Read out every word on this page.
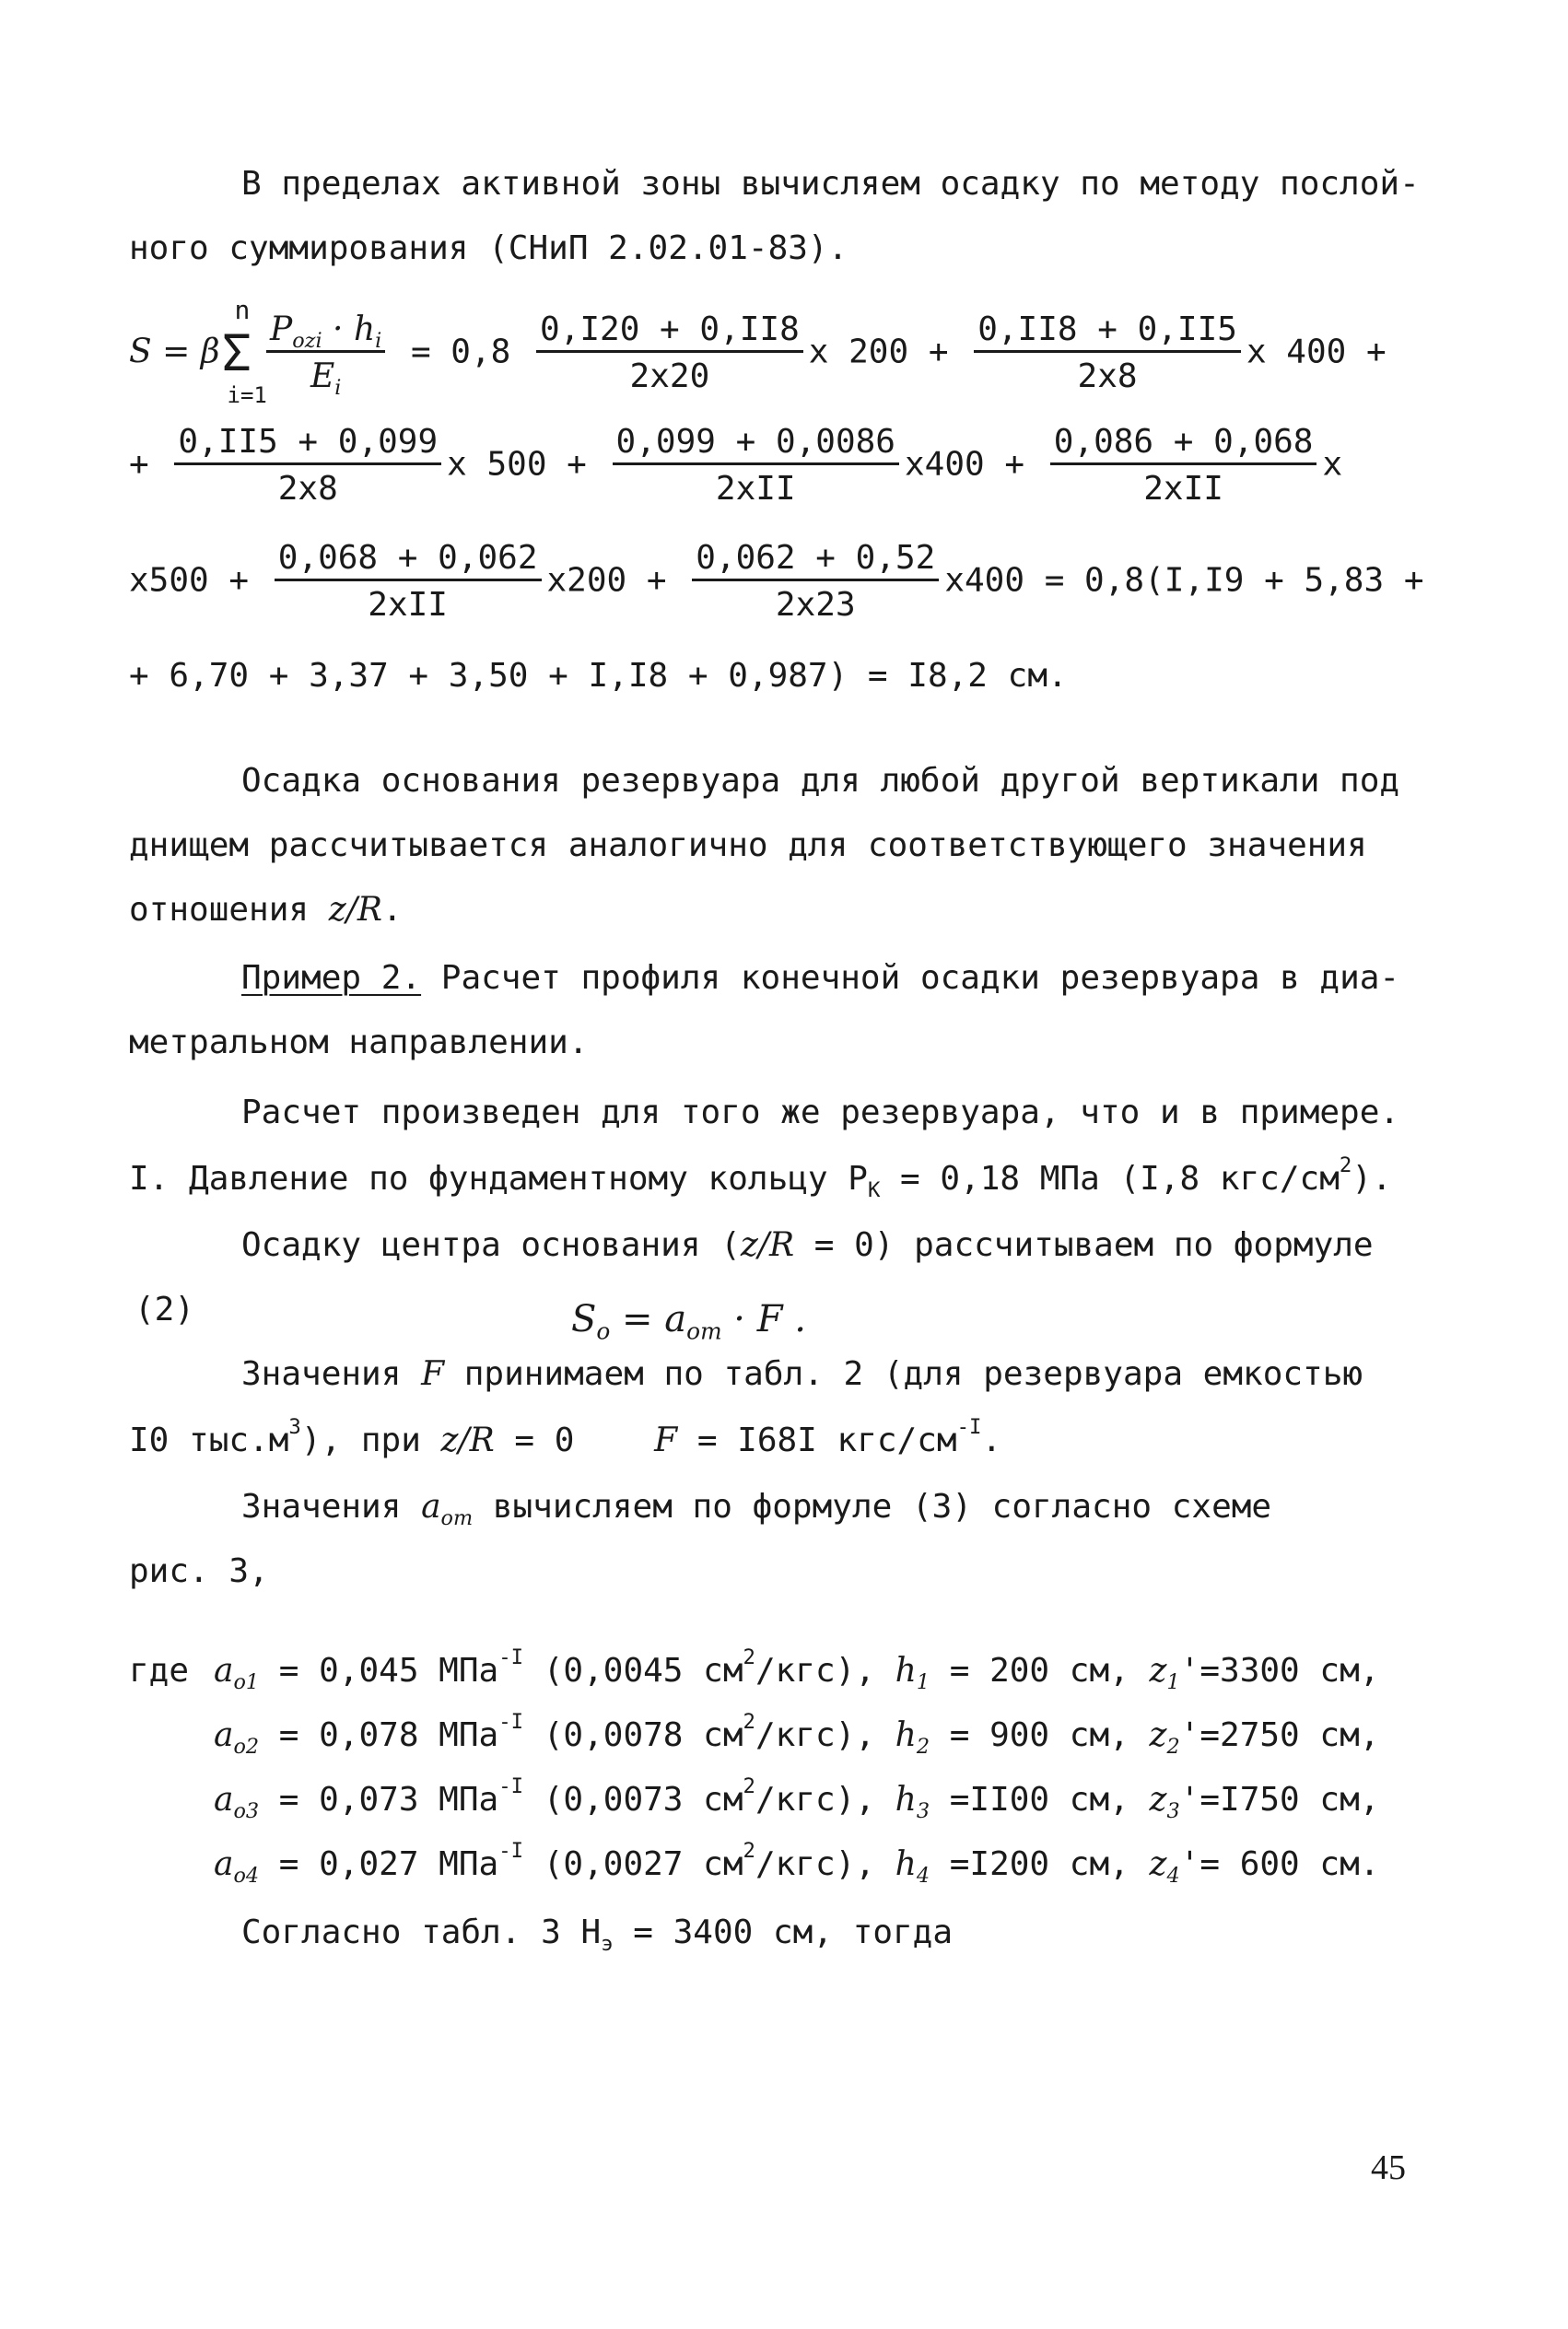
В пределах активной зоны вычисляем осадку по методу послой-
ного суммирования (СНиП 2.02.01-83).
S = βΣ
n
i=1
$\frac{P_{ozi} \cdot h_i}{E_i} = 0,8 \frac{0,I20 + 0,II8}{2x20}$ x $200 + \frac{0,II8 + 0,II5}{2x8}$ x 400 +
+ $\frac{0,II5 + 0,099}{2x8}$ x $500 + \frac{0,099 + 0,0086}{\text{2xII}} x400 + \frac{0,086 + 0,068}{\text{2xII}}$ x
$x500 + \frac{0,068 + 0,062}{\text{2xII}} x200 + \frac{0,062 + 0,52}{2x23} x400 = 0,8(I,I9 + 5,83$ +
+ 6,70 + 3,37 + 3,50 + I,I8 + 0,987) = I8,2 см.
Осадка основания резервуара для любой другой вертикали под
днищем рассчитывается аналогично для соответствующего значения
отношения z/R.
Пример 2. Расчет профиля конечной осадки резервуара в диа-
метральном направлении.
Расчет произведен для того же резервуара, что и в примере.
I. Давление по фундаментному кольцу $P_К = 0,18$ МПа (I,8 кгс/$см^2$).
Осадку центра основания (z/R = 0) рассчитываем по формуле
(2)	$S_o = a_{om} \cdot F$ .
Значения F принимаем по табл. 2 (для резервуара емкостью
I0 $тыс.м^3$), при z/R = 0 F = I68I кгс/$см^{-I}$.
Значения $a_{om}$ вычисляем по формуле (3) согласно схеме
рис. 3,
где $a_{o1} = 0,045$ МПа$^{-I}$ (0,0045 $см^2/кгс$), $h_1 = 200$ см, $z_1'=3300$ см,
$a_{o2} = 0,078$ МПа$^{-I}$ (0,0078 $см^2/кгс$), $h_2 = 900$ см, $z_2'=2750$ см,
$a_{o3} = 0,073$ МПа$^{-I}$ (0,0073 $см^2/кгс$), $h_3 =II00$ см, $z_3'=I750$ см,
$a_{o4} = 0,027$ МПа$^{-I}$ (0,0027 $см^2/кгс$), $h_4 =I200$ см, $z_4'= 600$ см.
Согласно табл. 3 $H_э = 3400$ см, тогда
45
